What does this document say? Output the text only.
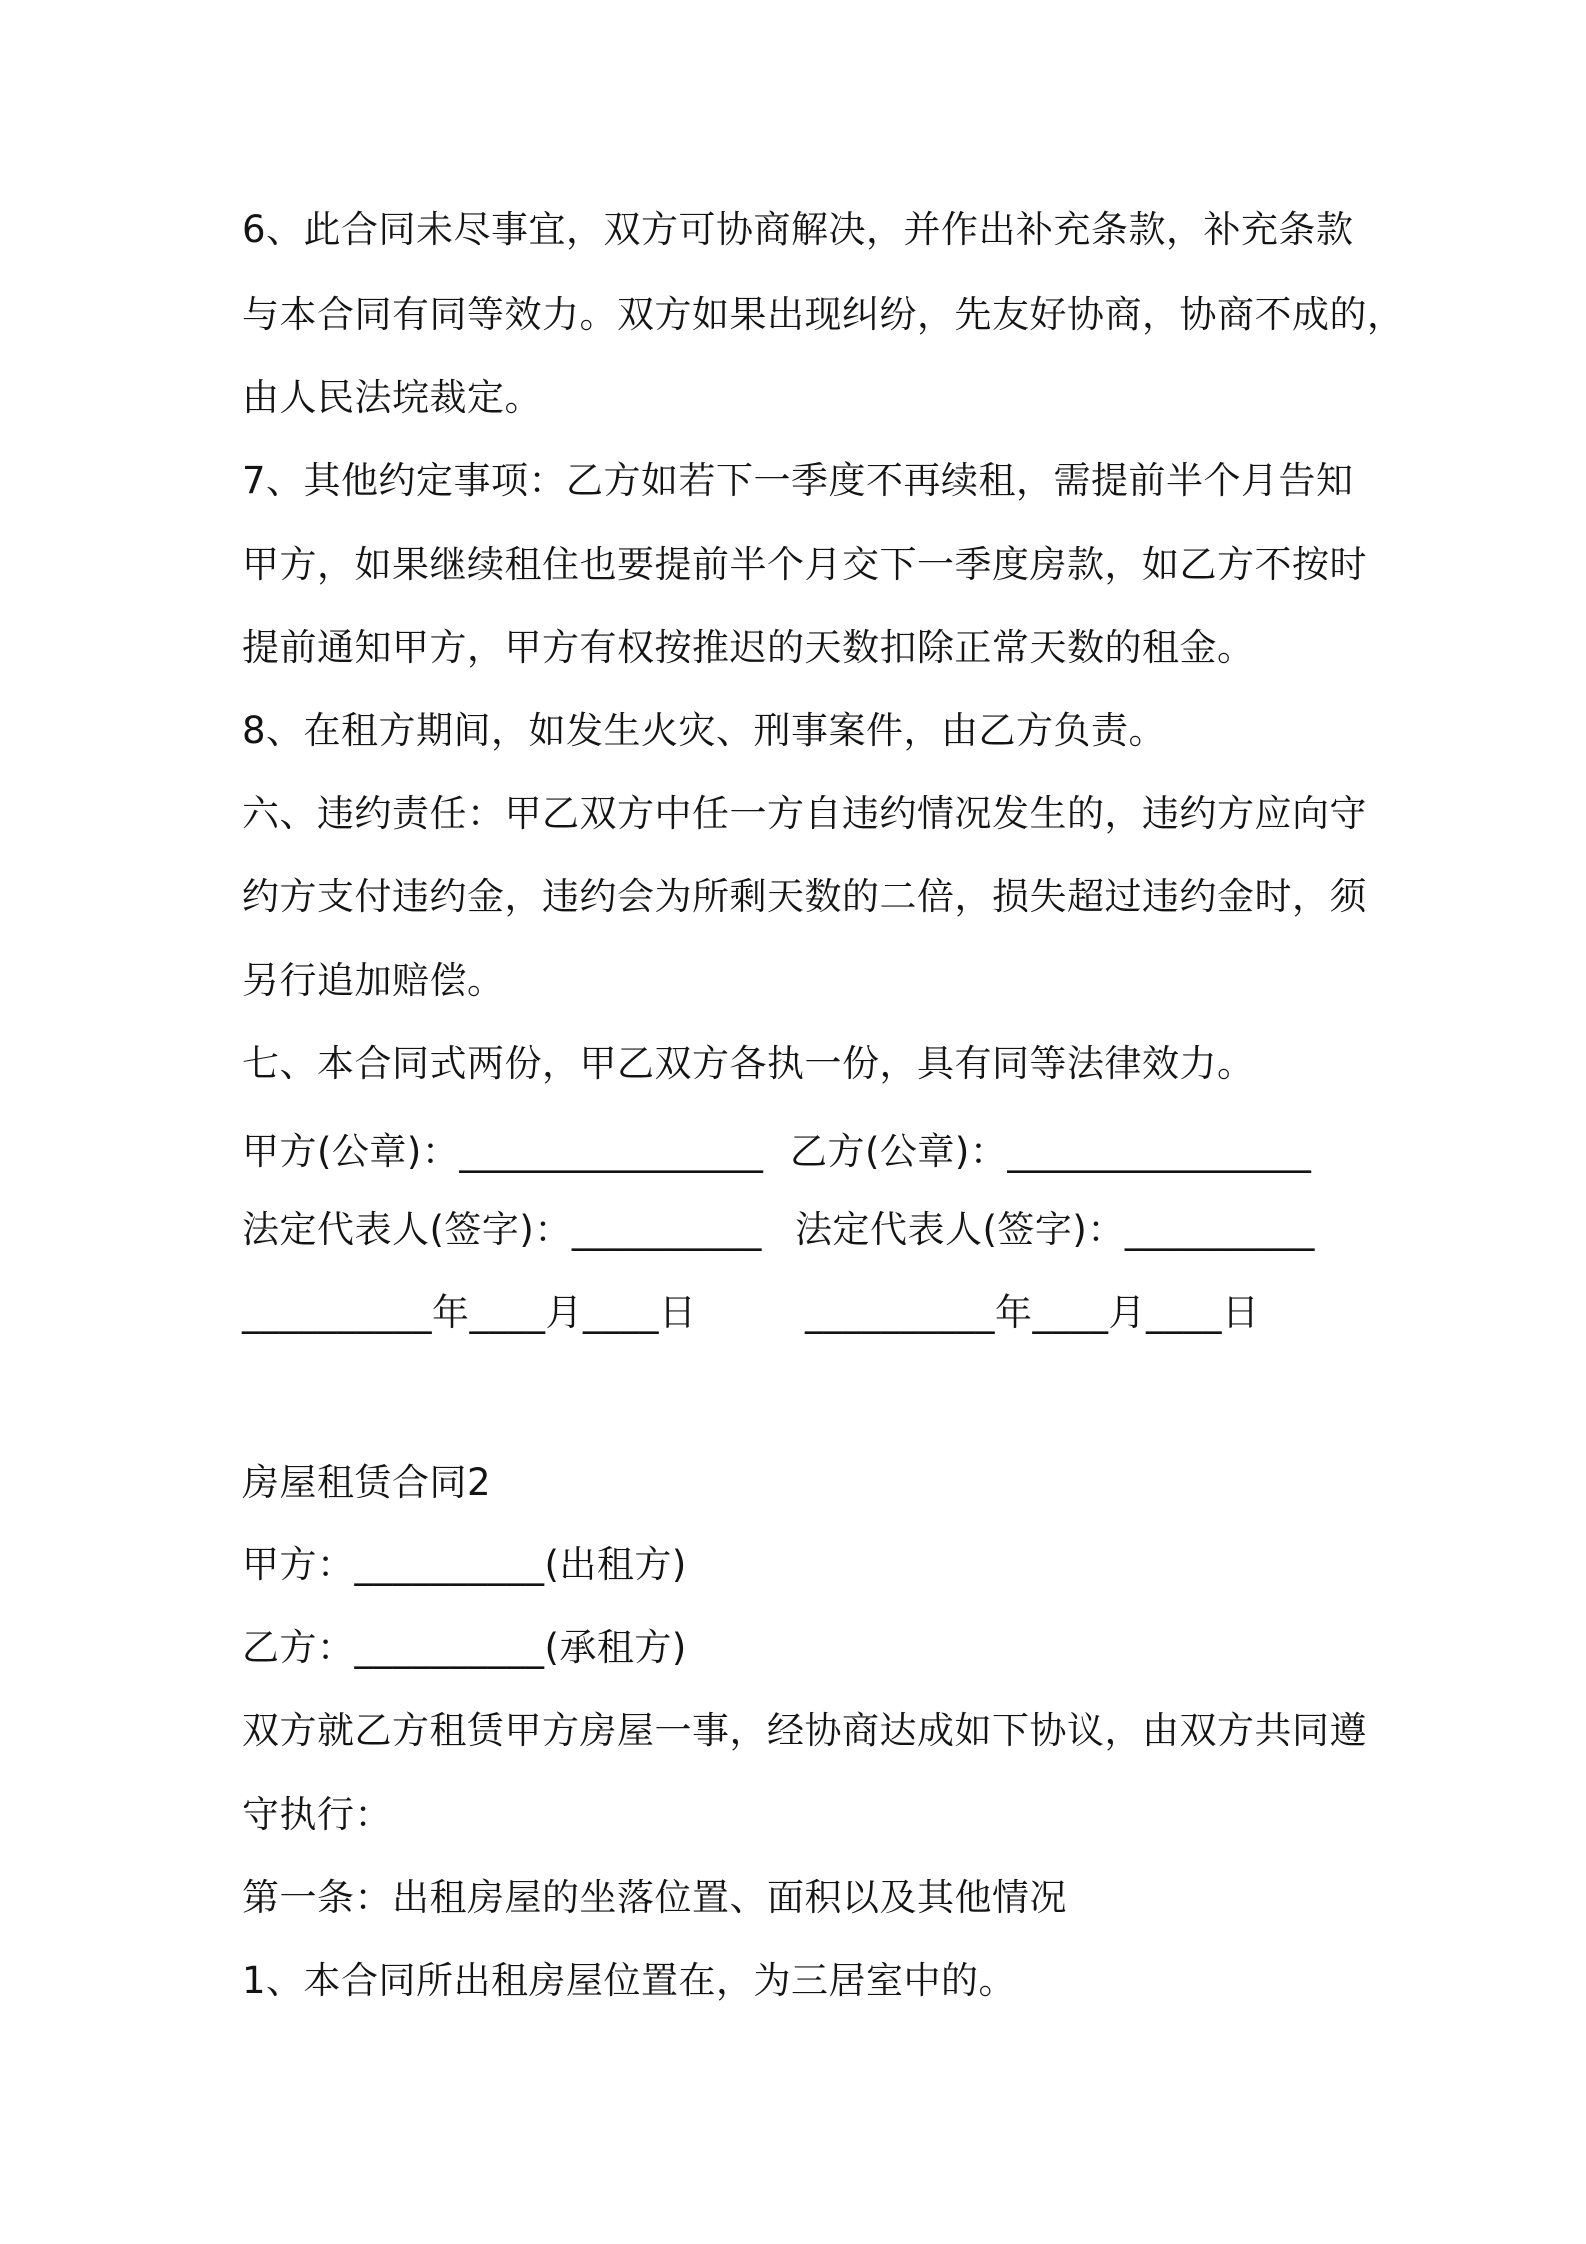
6、此合同未尽事宜，双方可协商解决，并作出补充条款，补充条款
与本合同有同等效力。双方如果出现纠纷，先友好协商，协商不成的，
由人民法垸裁定。
7、其他约定事项：乙方如若下一季度不再续租，需提前半个月告知
甲方，如果继续租住也要提前半个月交下一季度房款，如乙方不按时
提前通知甲方，甲方有权按推迟的天数扣除正常天数的租金。
8、在租方期间，如发生火灾、刑事案件，由乙方负责。
六、违约责任：甲乙双方中任一方自违约情况发生的，违约方应向守
约方支付违约金，违约会为所剩天数的二倍，损失超过违约金时，须
另行追加赔偿。
七、本合同式两份，甲乙双方各执一份，具有同等法律效力。
甲方(公章)：________________ 乙方(公章)：________________
法定代表人(签字)：__________ 法定代表人(签字)：__________
__________年____月____日	__________年____月____日
房屋租赁合同2
甲方：__________(出租方)
乙方：__________(承租方)
双方就乙方租赁甲方房屋一事，经协商达成如下协议，由双方共同遵
守执行：
第一条：出租房屋的坐落位置、面积以及其他情况
1、本合同所出租房屋位置在，为三居室中的。
